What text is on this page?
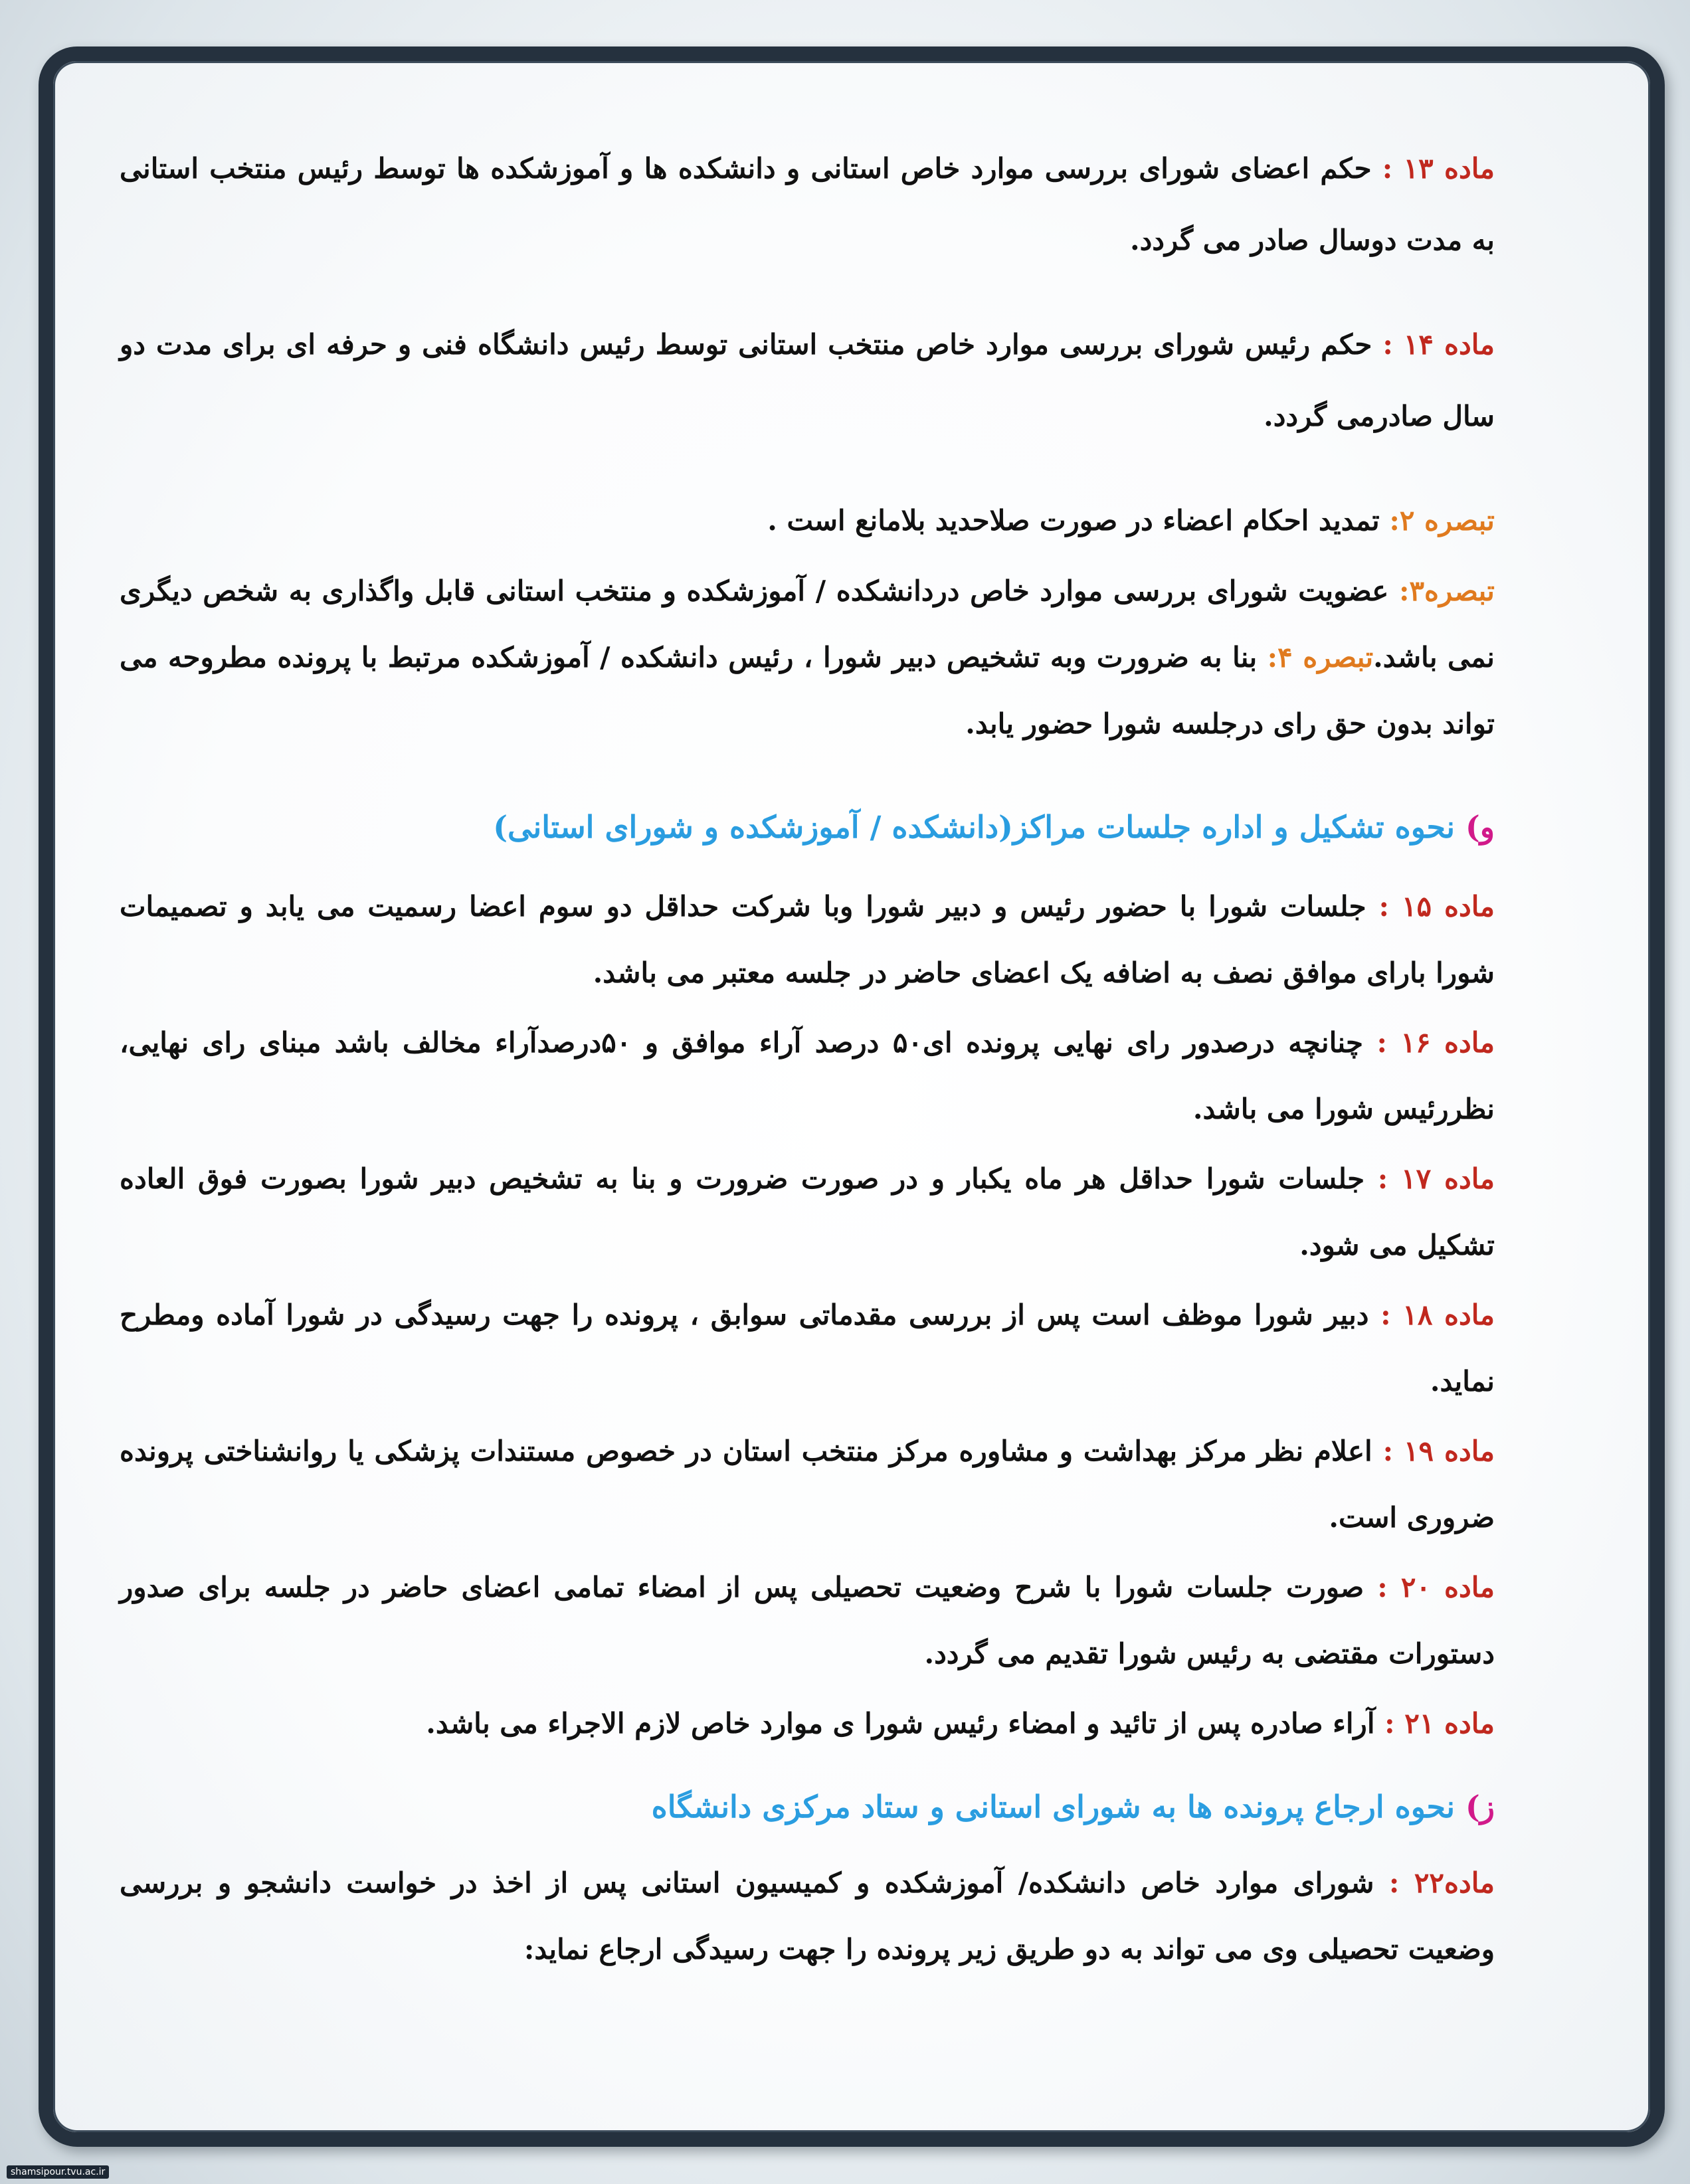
ماده ۱۳ : حکم اعضای شورای بررسی موارد خاص استانی و دانشکده ها و آموزشکده ها توسط رئیس منتخب استانی به مدت دوسال صادر می گردد.

ماده ۱۴ : حکم رئیس شورای بررسی موارد خاص منتخب استانی توسط رئیس دانشگاه فنی و حرفه ای برای مدت دو سال صادرمی گردد.

تبصره ۲: تمدید احکام اعضاء در صورت صلاحدید بلامانع است .

تبصره۳: عضویت شورای بررسی موارد خاص دردانشکده / آموزشکده و منتخب استانی قابل واگذاری به شخص دیگری نمی باشد.تبصره ۴: بنا به ضرورت وبه تشخیص دبیر شورا ، رئیس دانشکده / آموزشکده مرتبط با پرونده مطروحه می تواند بدون حق رای درجلسه شورا حضور یابد.

و) نحوه تشکیل و اداره جلسات مراکز(دانشکده / آموزشکده و شورای استانی)

ماده ۱۵ : جلسات شورا با حضور رئیس و دبیر شورا وبا شرکت حداقل دو سوم اعضا رسمیت می یابد و تصمیمات شورا بارای موافق نصف به اضافه یک اعضای حاضر در جلسه معتبر می باشد.

ماده ۱۶ : چنانچه درصدور رای نهایی پرونده ای۵۰ درصد آراء موافق و ۵۰درصدآراء مخالف باشد مبنای رای نهایی، نظررئیس شورا می باشد.

ماده ۱۷ : جلسات شورا حداقل هر ماه یکبار و در صورت ضرورت و بنا به تشخیص دبیر شورا بصورت فوق العاده تشکیل می شود.

ماده ۱۸ : دبیر شورا موظف است پس از بررسی مقدماتی سوابق ، پرونده را جهت رسیدگی در شورا آماده ومطرح نماید.

ماده ۱۹ : اعلام نظر مرکز بهداشت و مشاوره مرکز منتخب استان در خصوص مستندات پزشکی یا روانشناختی پرونده ضروری است.

ماده ۲۰ : صورت جلسات شورا با شرح وضعیت تحصیلی پس از امضاء تمامی اعضای حاضر در جلسه برای صدور دستورات مقتضی به رئیس شورا تقدیم می گردد.

ماده ۲۱ : آراء صادره پس از تائید و امضاء رئیس شورا ی موارد خاص لازم الاجراء می باشد.

ز) نحوه ارجاع پرونده ها به شورای استانی و ستاد مرکزی دانشگاه

ماده۲۲ : شورای موارد خاص دانشکده/ آموزشکده و کمیسیون استانی پس از اخذ در خواست دانشجو و بررسی وضعیت تحصیلی وی می تواند به دو طریق زیر پرونده را جهت رسیدگی ارجاع نماید:

shamsipour.tvu.ac.ir
